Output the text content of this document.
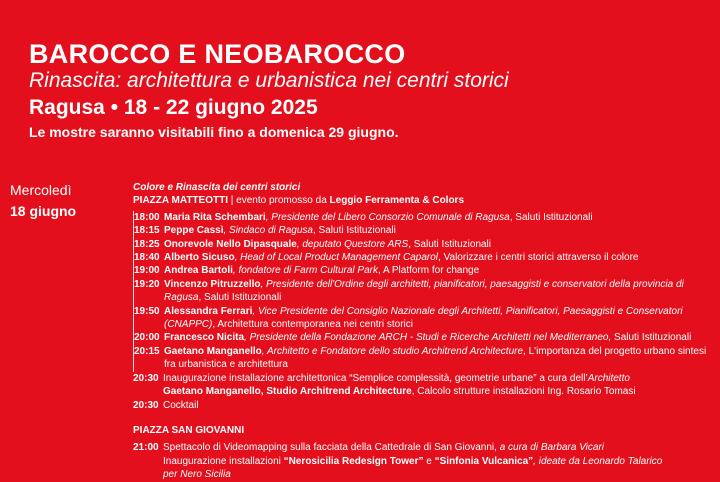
BAROCCO E NEOBAROCCO

Rinascita: architettura e urbanistica nei centri storici

Ragusa • 18 - 22 giugno 2025

Le mostre saranno visitabili fino a domenica 29 giugno.

Mercoledì
18 giugno
Colore e Rinascita dei centri storici
PIAZZA MATTEOTTI | evento promosso da Leggio Ferramenta & Colors
18:00 Maria Rita Schembari, Presidente del Libero Consorzio Comunale di Ragusa, Saluti Istituzionali
18:15 Peppe Cassì, Sindaco di Ragusa, Saluti Istituzionali
18:25 Onorevole Nello Dipasquale, deputato Questore ARS, Saluti Istituzionali
18:40 Alberto Sicuso, Head of Local Product Management Caparol, Valorizzare i centri storici attraverso il colore
19:00 Andrea Bartoli, fondatore di Farm Cultural Park, A Platform for change
19:20 Vincenzo Pitruzzello, Presidente dell'Ordine degli architetti, pianificatori, paesaggisti e conservatori della provincia di Ragusa, Saluti Istituzionali
19:50 Alessandra Ferrari, Vice Presidente del Consiglio Nazionale degli Architetti, Pianificatori, Paesaggisti e Conservatori (CNAPPC), Architettura contemporanea nei centri storici
20:00 Francesco Nicita, Presidente della Fondazione ARCH - Studi e Ricerche Architetti nel Mediterraneo, Saluti Istituzionali
20:15 Gaetano Manganello, Architetto e Fondatore dello studio Architrend Architecture, L'importanza del progetto urbano sintesi fra urbanistica e architettura
20:30 Inaugurazione installazione architettonica “Semplice complessità, geometrie urbane” a cura dell’Architetto
Gaetano Manganello, Studio Architrend Architecture, Calcolo strutture installazioni Ing. Rosario Tomasi
20:30 Cocktail
PIAZZA SAN GIOVANNI
21:00 Spettacolo di Videomapping sulla facciata della Cattedrale di San Giovanni, a cura di Barbara Vicari
Inaugurazione installazioni “Nerosicilia Redesign Tower” e “Sinfonia Vulcanica”, ideate da Leonardo Talarico
per Nero Sicilia
